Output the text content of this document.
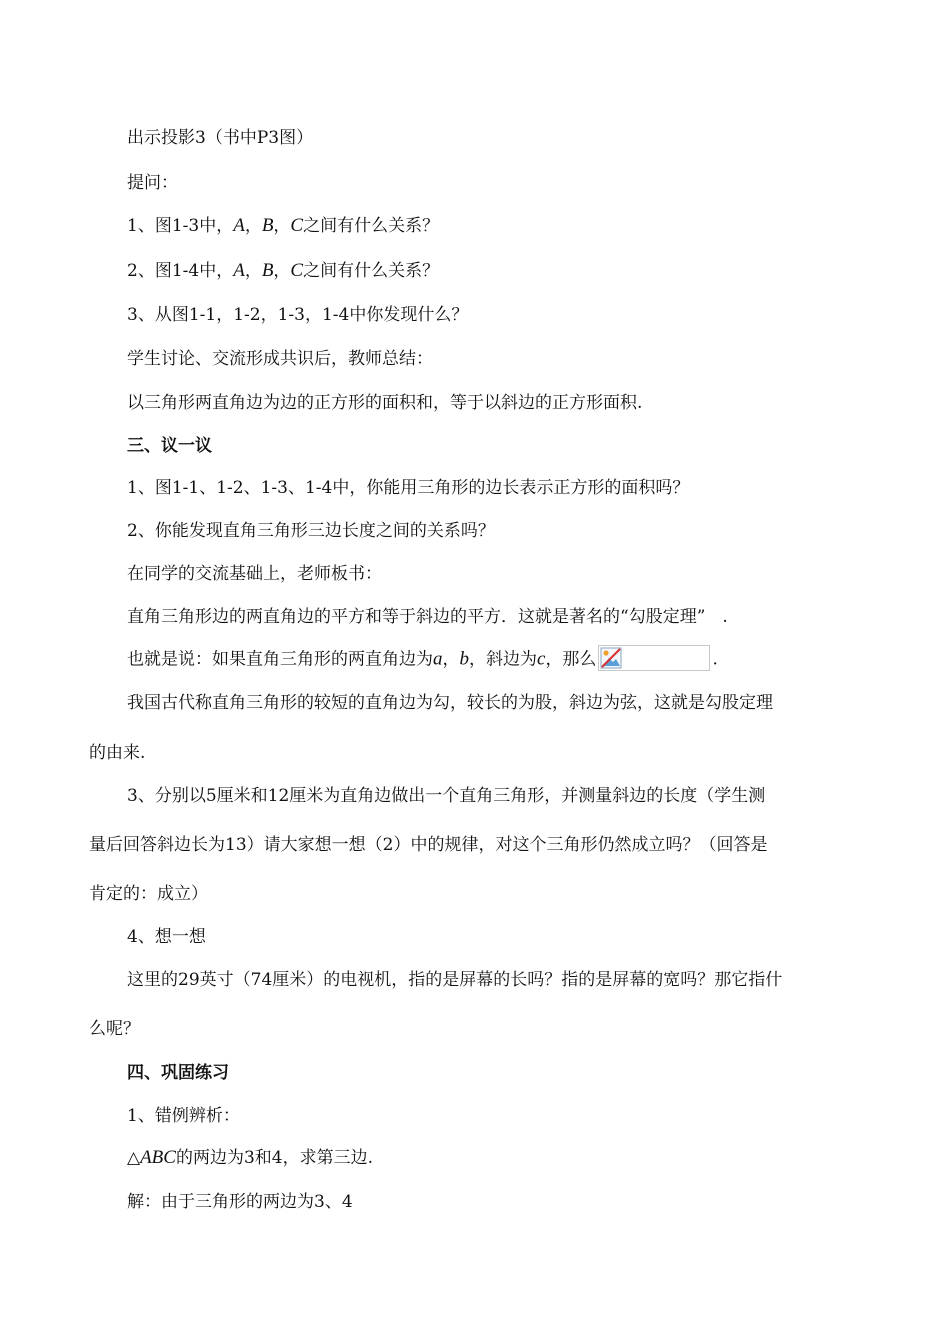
出示投影3（书中P3图）
提问：
1、图1-3中，A，B，C之间有什么关系？
2、图1-4中，A，B，C之间有什么关系？
3、从图1-1，1-2，1-3，1-4中你发现什么？
学生讨论、交流形成共识后，教师总结：
以三角形两直角边为边的正方形的面积和，等于以斜边的正方形面积.
三、议一议
1、图1-1、1-2、1-3、1-4中，你能用三角形的边长表示正方形的面积吗？
2、你能发现直角三角形三边长度之间的关系吗？
在同学的交流基础上，老师板书：
直角三角形边的两直角边的平方和等于斜边的平方．这就是著名的“勾股定理”　.
也就是说：如果直角三角形的两直角边为a，b，斜边为c，那么	.
我国古代称直角三角形的较短的直角边为勾，较长的为股，斜边为弦，这就是勾股定理
的由来.
3、分别以5厘米和12厘米为直角边做出一个直角三角形，并测量斜边的长度（学生测
量后回答斜边长为13）请大家想一想（2）中的规律，对这个三角形仍然成立吗？（回答是
肯定的：成立）
4、想一想
这里的29英寸（74厘米）的电视机，指的是屏幕的长吗？指的是屏幕的宽吗？那它指什
么呢？
四、巩固练习
1、错例辨析：
△ABC的两边为3和4，求第三边.
解：由于三角形的两边为3、4
